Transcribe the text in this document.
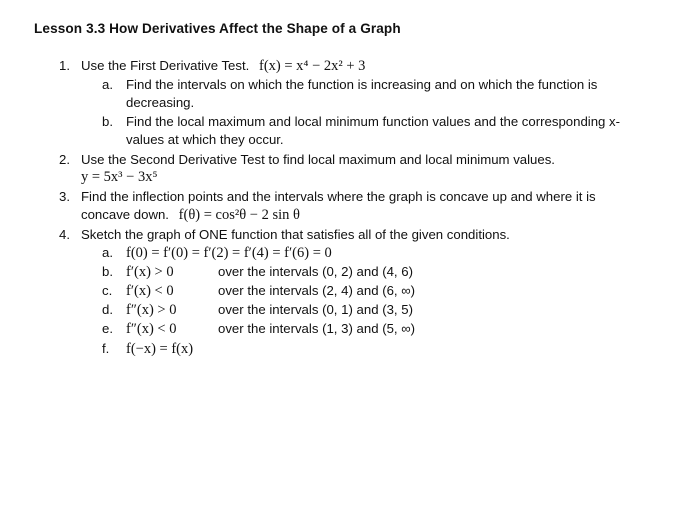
Lesson 3.3 How Derivatives Affect the Shape of a Graph
1. Use the First Derivative Test. f(x) = x⁴ − 2x² + 3
a. Find the intervals on which the function is increasing and on which the function is
decreasing.
b. Find the local maximum and local minimum function values and the corresponding x-
values at which they occur.
2. Use the Second Derivative Test to find local maximum and local minimum values.
y = 5x³ − 3x⁵
3. Find the inflection points and the intervals where the graph is concave up and where it is
concave down. f(θ) = cos²θ − 2 sin θ
4. Sketch the graph of ONE function that satisfies all of the given conditions.
a. f(0) = f′(0) = f′(2) = f′(4) = f′(6) = 0
b. f′(x) > 0	over the intervals (0, 2) and (4, 6)
c. f′(x) < 0	over the intervals (2, 4) and (6, ∞)
d. f″(x) > 0	over the intervals (0, 1) and (3, 5)
e. f″(x) < 0	over the intervals (1, 3) and (5, ∞)
f. f(−x) = f(x)
